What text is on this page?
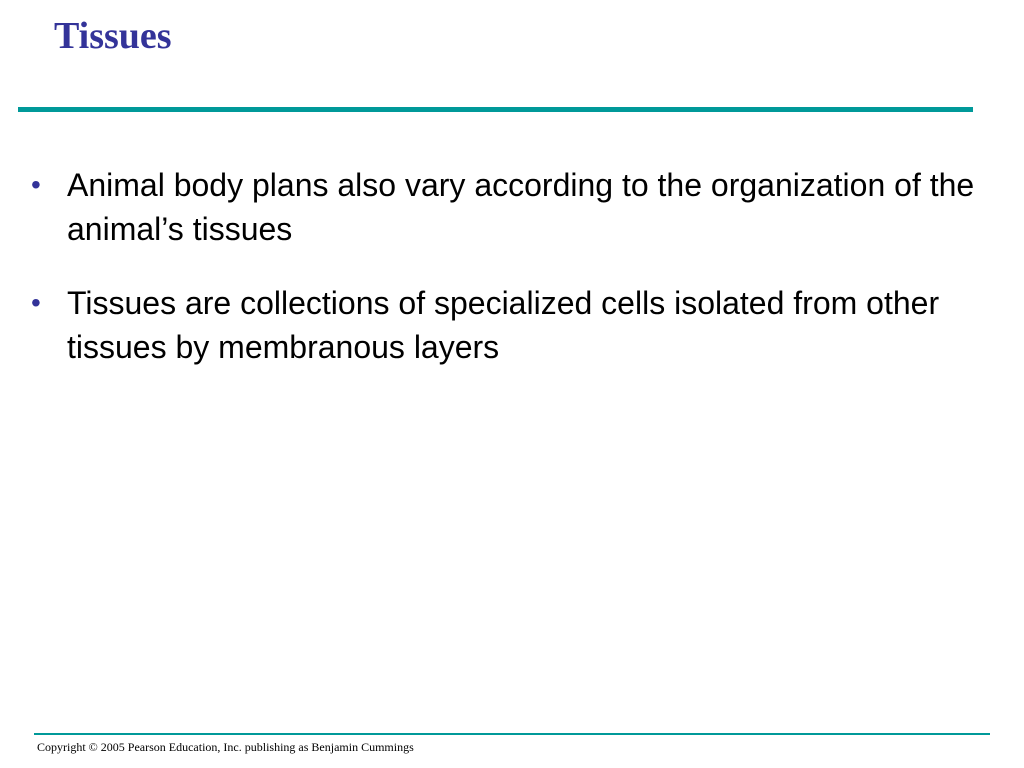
Tissues
• Animal body plans also vary according to the organization of the animal’s tissues
• Tissues are collections of specialized cells isolated from other tissues by membranous layers

Copyright © 2005 Pearson Education, Inc. publishing as Benjamin Cummings
